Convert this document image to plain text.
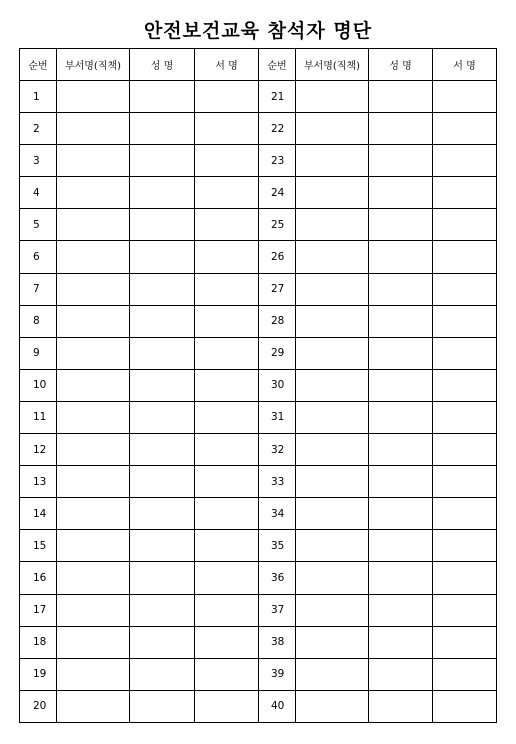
안전보건교육 참석자 명단
순번	부서명(직책)	성 명	서 명	순번	부서명(직책)	성 명	서 명
1				21			
2				22			
3				23			
4				24			
5				25			
6				26			
7				27			
8				28			
9				29			
10				30			
11				31			
12				32			
13				33			
14				34			
15				35			
16				36			
17				37			
18				38			
19				39			
20				40			
